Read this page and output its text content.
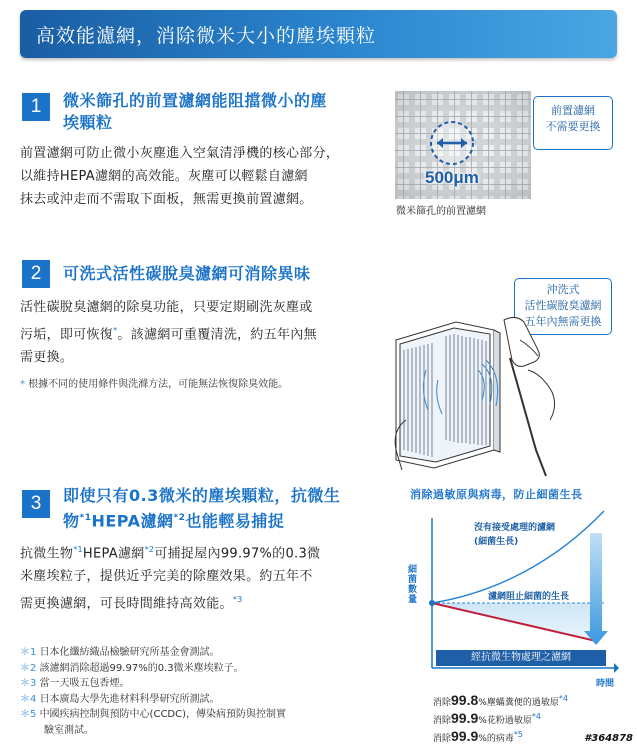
高效能濾網，消除微米大小的塵埃顆粒
1	微米篩孔的前置濾網能阻擋微小的塵
埃顆粒
前置濾網可防止微小灰塵進入空氣清淨機的核心部分，
以維持HEPA濾網的高效能。灰塵可以輕鬆自濾網
抹去或沖走而不需取下面板，無需更換前置濾網。
500μm
微米篩孔的前置濾網
前置濾網
不需要更換
2	可洗式活性碳脫臭濾網可消除異味
活性碳脫臭濾網的除臭功能，只要定期刷洗灰塵或
污垢，即可恢復*。該濾網可重覆清洗，約五年內無
需更換。
* 根據不同的使用條件與洗滌方法，可能無法恢復除臭效能。
沖洗式
活性碳脫臭濾網
五年內無需更換
3	即使只有0.3微米的塵埃顆粒，抗微生
物$^{*1}$HEPA濾網$^{*2}$也能輕易捕捉
抗微生物$^{*1}$HEPA濾網$^{*2}$可捕捉屋內99.97%的0.3微
米塵埃粒子，提供近乎完美的除塵效果。約五年不
需更換濾網，可長時間維持高效能。$^{*3}$
＊1 日本化纖紡織品檢驗研究所基金會測試。
＊2 該濾網消除超過99.97%的0.3微米塵埃粒子。
＊3 當一天吸五包香煙。
＊4 日本廣島大學先進材料科學研究所測試。
＊5 中國疾病控制與預防中心(CCDC)，傳染病預防與控制實
驗室測試。
消除過敏原與病毒，防止細菌生長
細菌數量
時間
沒有接受處理的濾網
(細菌生長)
濾網阻止細菌的生長
經抗微生物處理之濾網
消除99.8%塵蟎糞便的過敏原*4
消除99.9%花粉過敏原*4
消除99.9%的病毒*5	#364878
